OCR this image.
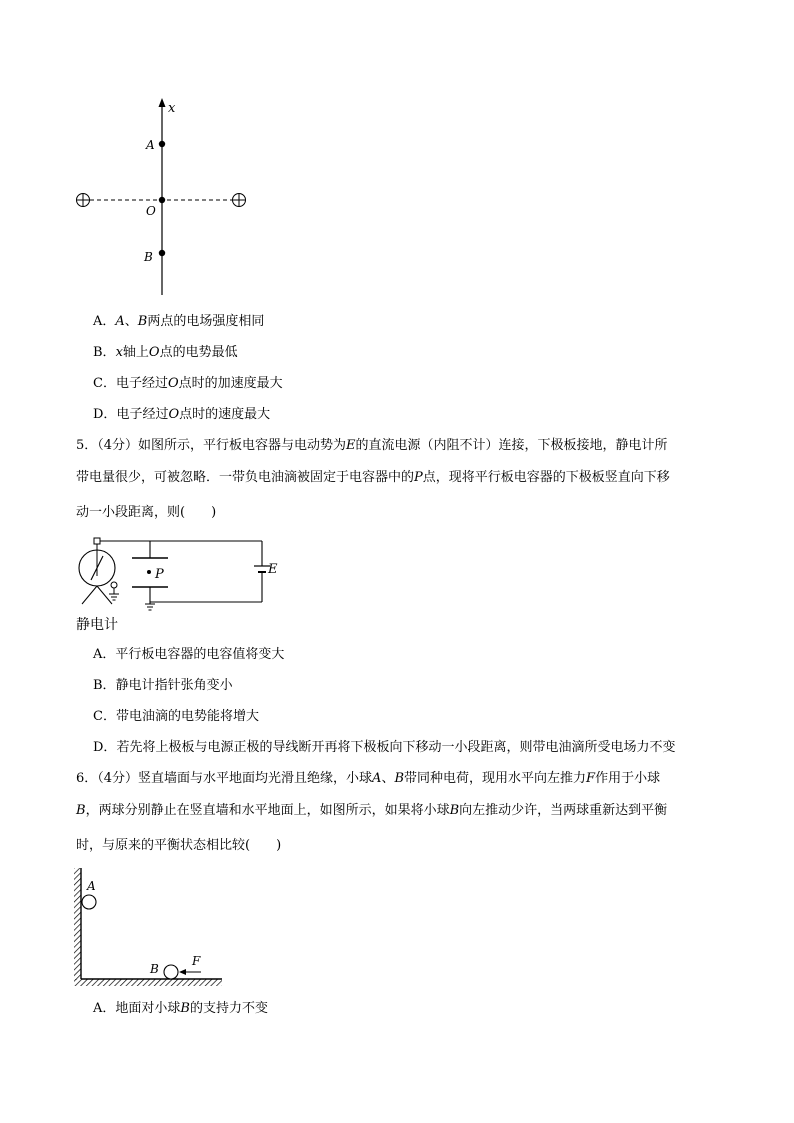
x
A
O
B
A．A、B两点的电场强度相同
B．x轴上O点的电势最低
C．电子经过O点时的加速度最大
D．电子经过O点时的速度最大
5．（4分）如图所示，平行板电容器与电动势为E的直流电源（内阻不计）连接，下极板接地，静电计所
带电量很少，可被忽略．一带负电油滴被固定于电容器中的P点，现将平行板电容器的下极板竖直向下移
动一小段距离，则(　　)
P	E
静电计
A．平行板电容器的电容值将变大
B．静电计指针张角变小
C．带电油滴的电势能将增大
D．若先将上极板与电源正极的导线断开再将下极板向下移动一小段距离，则带电油滴所受电场力不变
6．（4分）竖直墙面与水平地面均光滑且绝缘，小球A、B带同种电荷，现用水平向左推力F作用于小球
B，两球分别静止在竖直墙和水平地面上，如图所示，如果将小球B向左推动少许，当两球重新达到平衡
时，与原来的平衡状态相比较(　　)
A
B
F
A．地面对小球B的支持力不变
